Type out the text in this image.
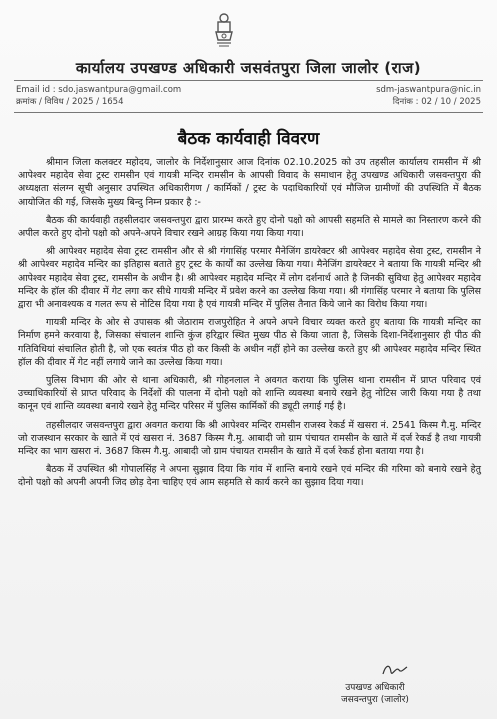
कार्यालय उपखण्ड अधिकारी जसवंतपुरा जिला जालोर (राज)
Email id : sdo.jaswantpura@gmail.com
क्रमांक / विविध / 2025 / 1654
sdm-jaswantpura@nic.in
दिनांक : 02 / 10 / 2025
बैठक कार्यवाही विवरण

श्रीमान जिला कलक्टर महोदय, जालोर के निर्देशानुसार आज दिनांक 02.10.2025 को उप तहसील कार्यालय रामसीन में श्री आपेश्वर महादेव सेवा ट्रस्ट रामसीन एवं गायत्री मन्दिर रामसीन के आपसी विवाद के समाधान हेतु उपखण्ड अधिकारी जसवन्तपुरा की अध्यक्षता संलग्न सूची अनुसार उपस्थित अधिकारीगण / कार्मिकों / ट्रस्ट के पदाधिकारियों एवं मौजिज ग्रामीणों की उपस्थिति में बैठक आयोजित की गई, जिसके मुख्य बिन्दु निम्न प्रकार है :-

बैठक की कार्यवाही तहसीलदार जसवन्तपुरा द्वारा प्रारम्भ करते हुए दोनो पक्षो को आपसी सहमति से मामले का निस्तारण करने की अपील करते हुए दोनो पक्षो को अपने-अपने विचार रखने आग्रह किया गया किया गया।

श्री आपेश्वर महादेव सेवा ट्रस्ट रामसीन और से श्री गंगासिंह परमार मैनेजिंग डायरेक्टर श्री आपेश्वर महादेव सेवा ट्रस्ट, रामसीन ने श्री आपेश्वर महादेव मन्दिर का इतिहास बताते हुए ट्रस्ट के कार्यों का उल्लेख किया गया। मैनेजिंग डायरेक्टर ने बताया कि गायत्री मन्दिर श्री आपेश्वर महादेव सेवा ट्रस्ट, रामसीन के अधीन है। श्री आपेश्वर महादेव मन्दिर में लोग दर्शनार्थ आते है जिनकी सुविधा हेतु आपेश्वर महादेव मन्दिर के हॉल की दीवार में गेट लगा कर सीधे गायत्री मन्दिर में प्रवेश करने का उल्लेख किया गया। श्री गंगासिंह परमार ने बताया कि पुलिस द्वारा भी अनावश्यक व गलत रूप से नोटिस दिया गया है एवं गायत्री मन्दिर में पुलिस तैनात किये जाने का विरोध किया गया।

गायत्री मन्दिर के ओर से उपासक श्री जेठाराम राजपुरोहित ने अपने अपने विचार व्यक्त करते हुए बताया कि गायत्री मन्दिर का निर्माण हमने करवाया है, जिसका संचालन शान्ति कुंज हरिद्वार स्थित मुख्य पीठ से किया जाता है, जिसके दिशा-निर्देशानुसार ही पीठ की गतिविधियां संचालित होती है, जो एक स्वतंत्र पीठ हो कर किसी के अधीन नहीं होने का उल्लेख करते हुए श्री आपेश्वर महादेव मन्दिर स्थित हॉल की दीवार में गेट नहीं लगाये जाने का उल्लेख किया गया।

पुलिस विभाग की ओर से थाना अधिकारी, श्री गोहनलाल ने अवगत कराया कि पुलिस थाना रामसीन में प्राप्त परिवाद एवं उच्चाधिकारियों से प्राप्त परिवाद के निर्देशों की पालना में दोनो पक्षो को शान्ति व्यवस्था बनाये रखने हेतु नोटिस जारी किया गया है तथा कानून एवं शान्ति व्यवस्था बनाये रखने हेतु मन्दिर परिसर में पुलिस कार्मिकों की ड्यूटी लगाई गई है।

तहसीलदार जसवन्तपुरा द्वारा अवगत कराया कि श्री आपेश्वर मन्दिर रामसीन राजस्व रेकर्ड में खसरा नं. 2541 किस्म गै.मु. मन्दिर जो राजस्थान सरकार के खाते में एवं खसरा नं. 3687 किस्म गै.मु. आबादी जो ग्राम पंचायत रामसीन के खाते में दर्ज रेकर्ड है तथा गायत्री मन्दिर का भाग खसरा नं. 3687 किस्म गै.मु. आबादी जो ग्राम पंचायत रामसीन के खाते में दर्ज रेकर्ड होना बताया गया है।

बैठक में उपस्थित श्री गोपालसिंह ने अपना सुझाव दिया कि गांव में शान्ति बनाये रखने एवं मन्दिर की गरिमा को बनाये रखने हेतु दोनो पक्षो को अपनी अपनी जिद छोड़ देना चाहिए एवं आम सहमति से कार्य करने का सुझाव दिया गया।

उपखण्ड अधिकारी
जसवन्तपुरा (जालोर)
